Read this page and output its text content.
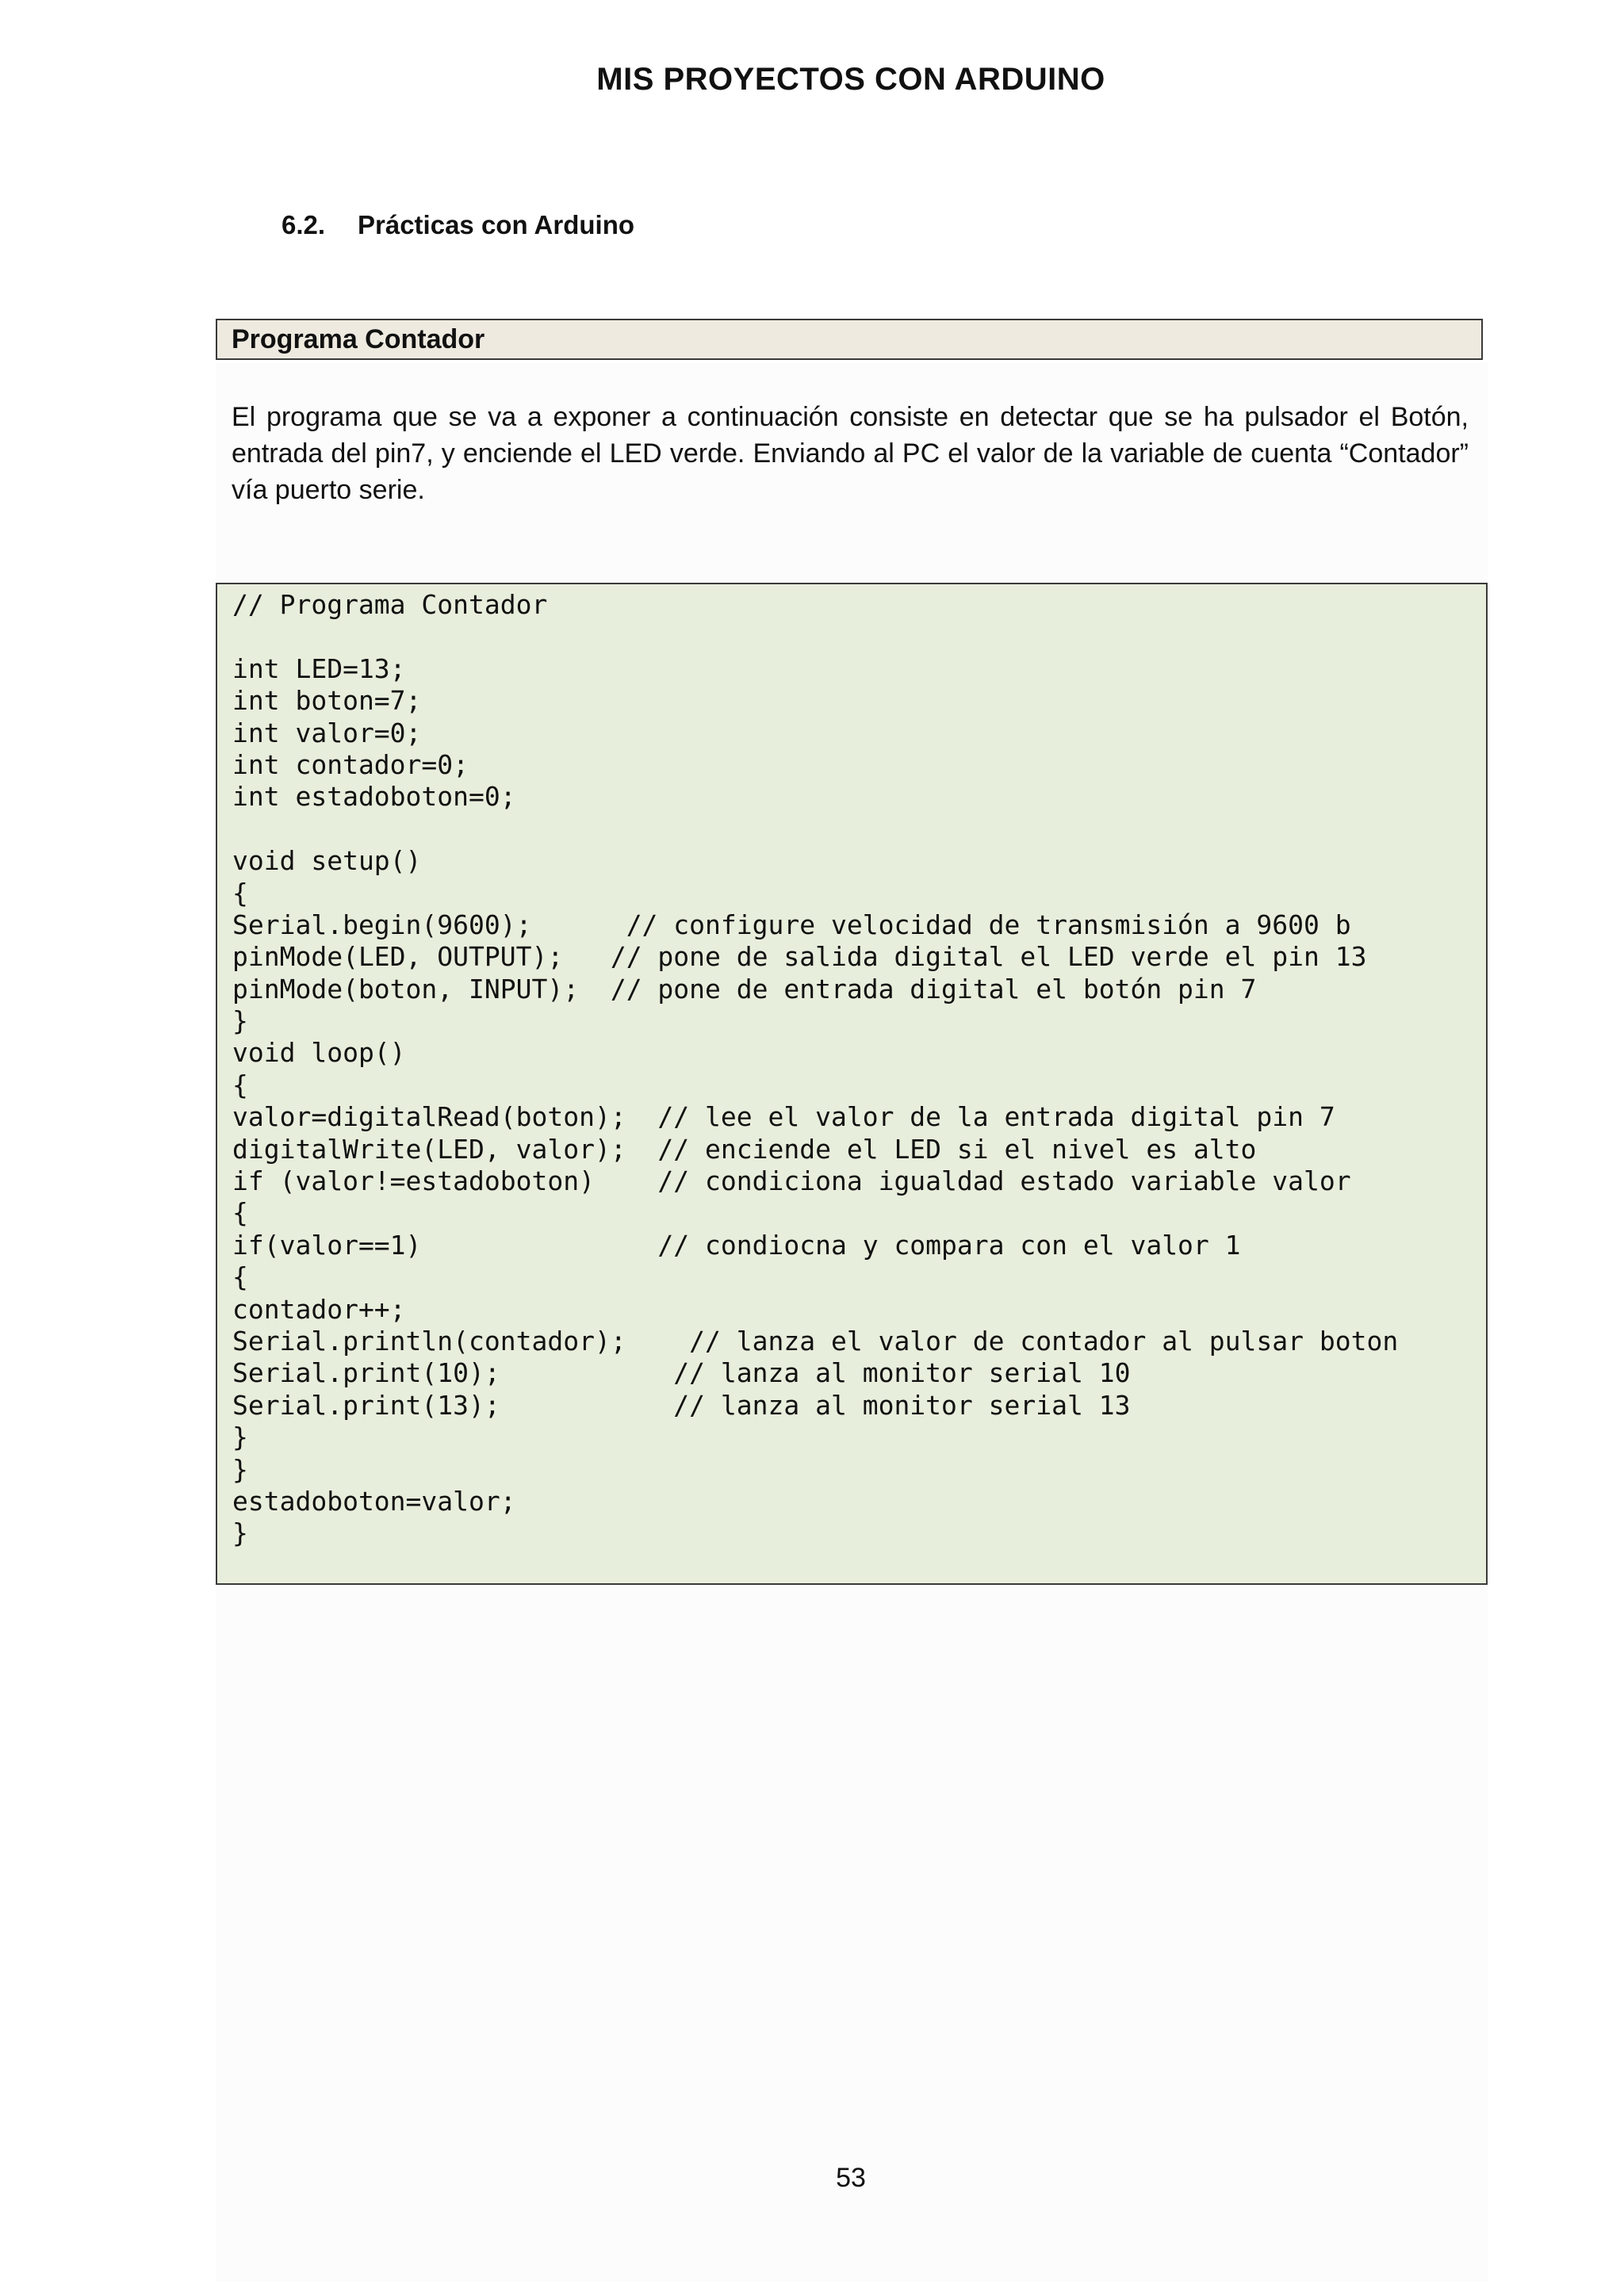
MIS PROYECTOS CON ARDUINO
6.2. Prácticas con Arduino
Programa Contador
El programa que se va a exponer a continuación consiste en detectar que se ha pulsador el Botón, entrada del pin7, y enciende el LED verde. Enviando al PC el valor de la variable de cuenta “Contador” vía puerto serie.
// Programa Contador
int LED=13;
int boton=7;
int valor=0;
int contador=0;
int estadoboton=0;
void setup()
{
Serial.begin(9600);      // configure velocidad de transmisión a 9600 b
pinMode(LED, OUTPUT);   // pone de salida digital el LED verde el pin 13
pinMode(boton, INPUT);  // pone de entrada digital el botón pin 7
}
void loop()
{
valor=digitalRead(boton);  // lee el valor de la entrada digital pin 7
digitalWrite(LED, valor);  // enciende el LED si el nivel es alto
if (valor!=estadoboton)    // condiciona igualdad estado variable valor
{
if(valor==1)               // condiocna y compara con el valor 1
{
contador++;
Serial.println(contador);    // lanza el valor de contador al pulsar boton
Serial.print(10);           // lanza al monitor serial 10
Serial.print(13);           // lanza al monitor serial 13
}
}
estadoboton=valor;
}
53
